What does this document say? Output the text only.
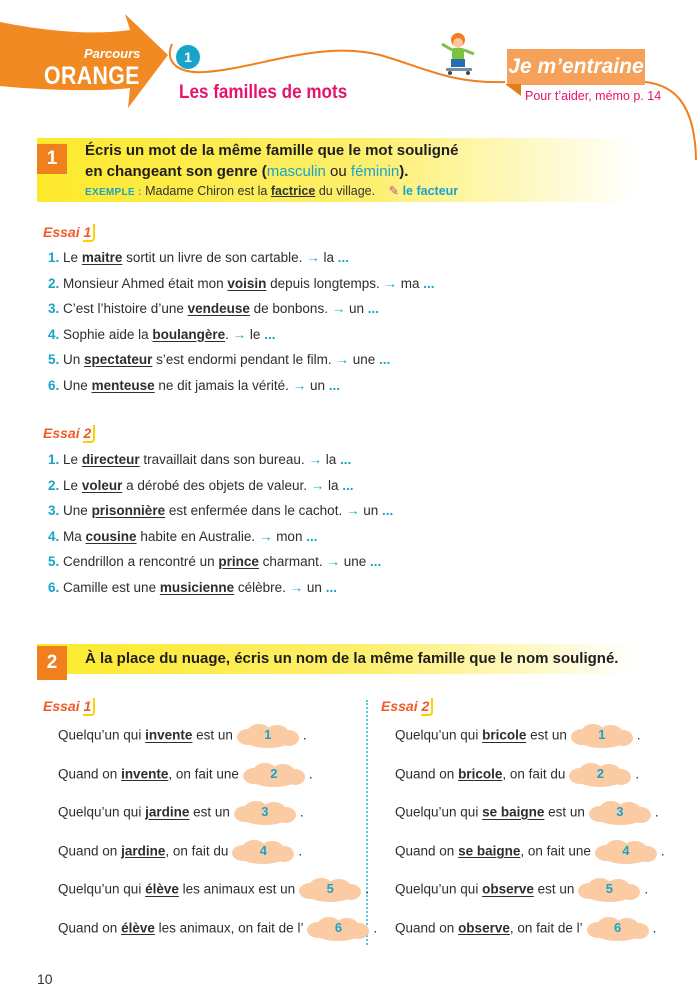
Parcours
ORANGE
1
Les familles de mots
Je m’entraine
Pour t’aider, mémo p. 14
1	Écris un mot de la même famille que le mot souligné
en changeant son genre (masculin ou féminin).
EXEMPLE : Madame Chiron est la factrice du village. ✎ le facteur
Essai 1
1. Le maitre sortit un livre de son cartable. → la ...
2. Monsieur Ahmed était mon voisin depuis longtemps. → ma ...
3. C’est l’histoire d’une vendeuse de bonbons. → un ...
4. Sophie aide la boulangère. → le ...
5. Un spectateur s’est endormi pendant le film. → une ...
6. Une menteuse ne dit jamais la vérité. → un ...
Essai 2
1. Le directeur travaillait dans son bureau. → la ...
2. Le voleur a dérobé des objets de valeur. → la ...
3. Une prisonnière est enfermée dans le cachot. → un ...
4. Ma cousine habite en Australie. → mon ...
5. Cendrillon a rencontré un prince charmant. → une ...
6. Camille est une musicienne célèbre. → un ...
2	À la place du nuage, écris un nom de la même famille que le nom souligné.
Essai 1	Essai 2
Quelqu’un qui invente est un	1	.
Quand on invente, on fait une	2	.
Quelqu’un qui jardine est un	3	.
Quand on jardine, on fait du	4	.
Quelqu’un qui élève les animaux est un	5	.
Quand on élève les animaux, on fait de l’	6	.
Quelqu’un qui bricole est un	1	.
Quand on bricole, on fait du	2	.
Quelqu’un qui se baigne est un	3	.
Quand on se baigne, on fait une	4	.
Quelqu’un qui observe est un	5	.
Quand on observe, on fait de l’	6	.
10
